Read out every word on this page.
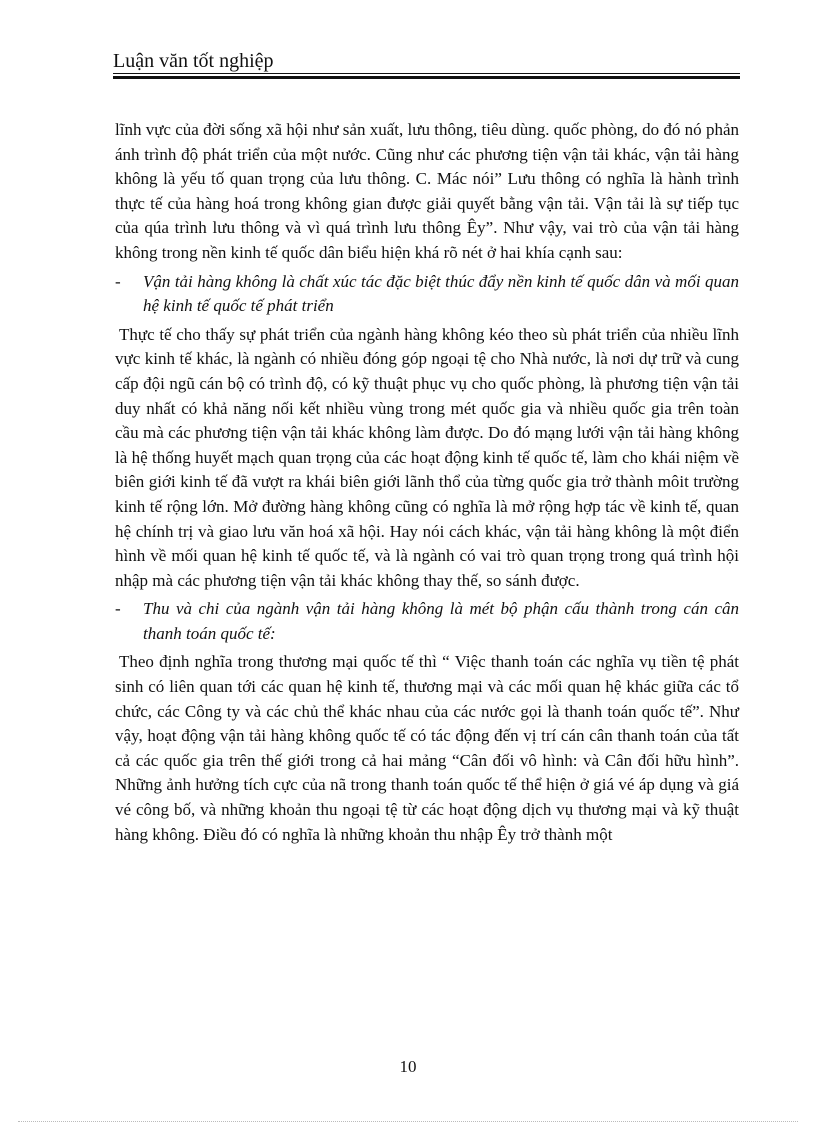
Luận văn tốt nghiệp

lĩnh vực của đời sống xã hội như sản xuất, lưu thông, tiêu dùng. quốc phòng, do đó nó phản ánh trình độ phát triển của một nước. Cũng như các phương tiện vận tải khác, vận tải hàng không là yếu tố quan trọng của lưu thông. C. Mác nói” Lưu thông có nghĩa là hành trình thực tế của hàng hoá trong không gian được giải quyết bằng vận tải. Vận tải là sự tiếp tục của qúa trình lưu thông và vì quá trình lưu thông Êy”. Như vậy, vai trò của vận tải hàng không trong nền kinh tế quốc dân biểu hiện khá rõ nét ở hai khía cạnh sau:

- Vận tải hàng không là chất xúc tác đặc biệt thúc đẩy nền kinh tế quốc dân và mối quan hệ kinh tế quốc tế phát triển

Thực tế cho thấy sự phát triển của ngành hàng không kéo theo sù phát triển của nhiều lĩnh vực kinh tế khác, là ngành có nhiều đóng góp ngoại tệ cho Nhà nước, là nơi dự trữ và cung cấp đội ngũ cán bộ có trình độ, có kỹ thuật phục vụ cho quốc phòng, là phương tiện vận tải duy nhất có khả năng nối kết nhiều vùng trong mét quốc gia và nhiều quốc gia trên toàn cầu mà các phương tiện vận tải khác không làm được. Do đó mạng lưới vận tải hàng không là hệ thống huyết mạch quan trọng của các hoạt động kinh tế quốc tế, làm cho khái niệm về biên giới kinh tế đã vượt ra khái biên giới lãnh thổ của từng quốc gia trở thành môit trường kinh tế rộng lớn. Mở đường hàng không cũng có nghĩa là mở rộng hợp tác về kinh tế, quan hệ chính trị và giao lưu văn hoá xã hội. Hay nói cách khác, vận tải hàng không là một điển hình về mối quan hệ kinh tế quốc tế, và là ngành có vai trò quan trọng trong quá trình hội nhập mà các phương tiện vận tải khác không thay thế, so sánh được.

- Thu và chi của ngành vận tải hàng không là mét bộ phận cấu thành trong cán cân thanh toán quốc tế:

Theo định nghĩa trong thương mại quốc tế thì “ Việc thanh toán các nghĩa vụ tiền tệ phát sinh có liên quan tới các quan hệ kinh tế, thương mại và các mối quan hệ khác giữa các tổ chức, các Công ty và các chủ thể khác nhau của các nước gọi là thanh toán quốc tế”. Như vậy, hoạt động vận tải hàng không quốc tế có tác động đến vị trí cán cân thanh toán của tất cả các quốc gia trên thế giới trong cả hai mảng “Cân đối vô hình: và Cân đối hữu hình”. Những ảnh hưởng tích cực của nã trong thanh toán quốc tế thể hiện ở giá vé áp dụng và giá vé công bố, và những khoản thu ngoại tệ từ các hoạt động dịch vụ thương mại và kỹ thuật hàng không. Điều đó có nghĩa là những khoản thu nhập Êy trở thành một

10
